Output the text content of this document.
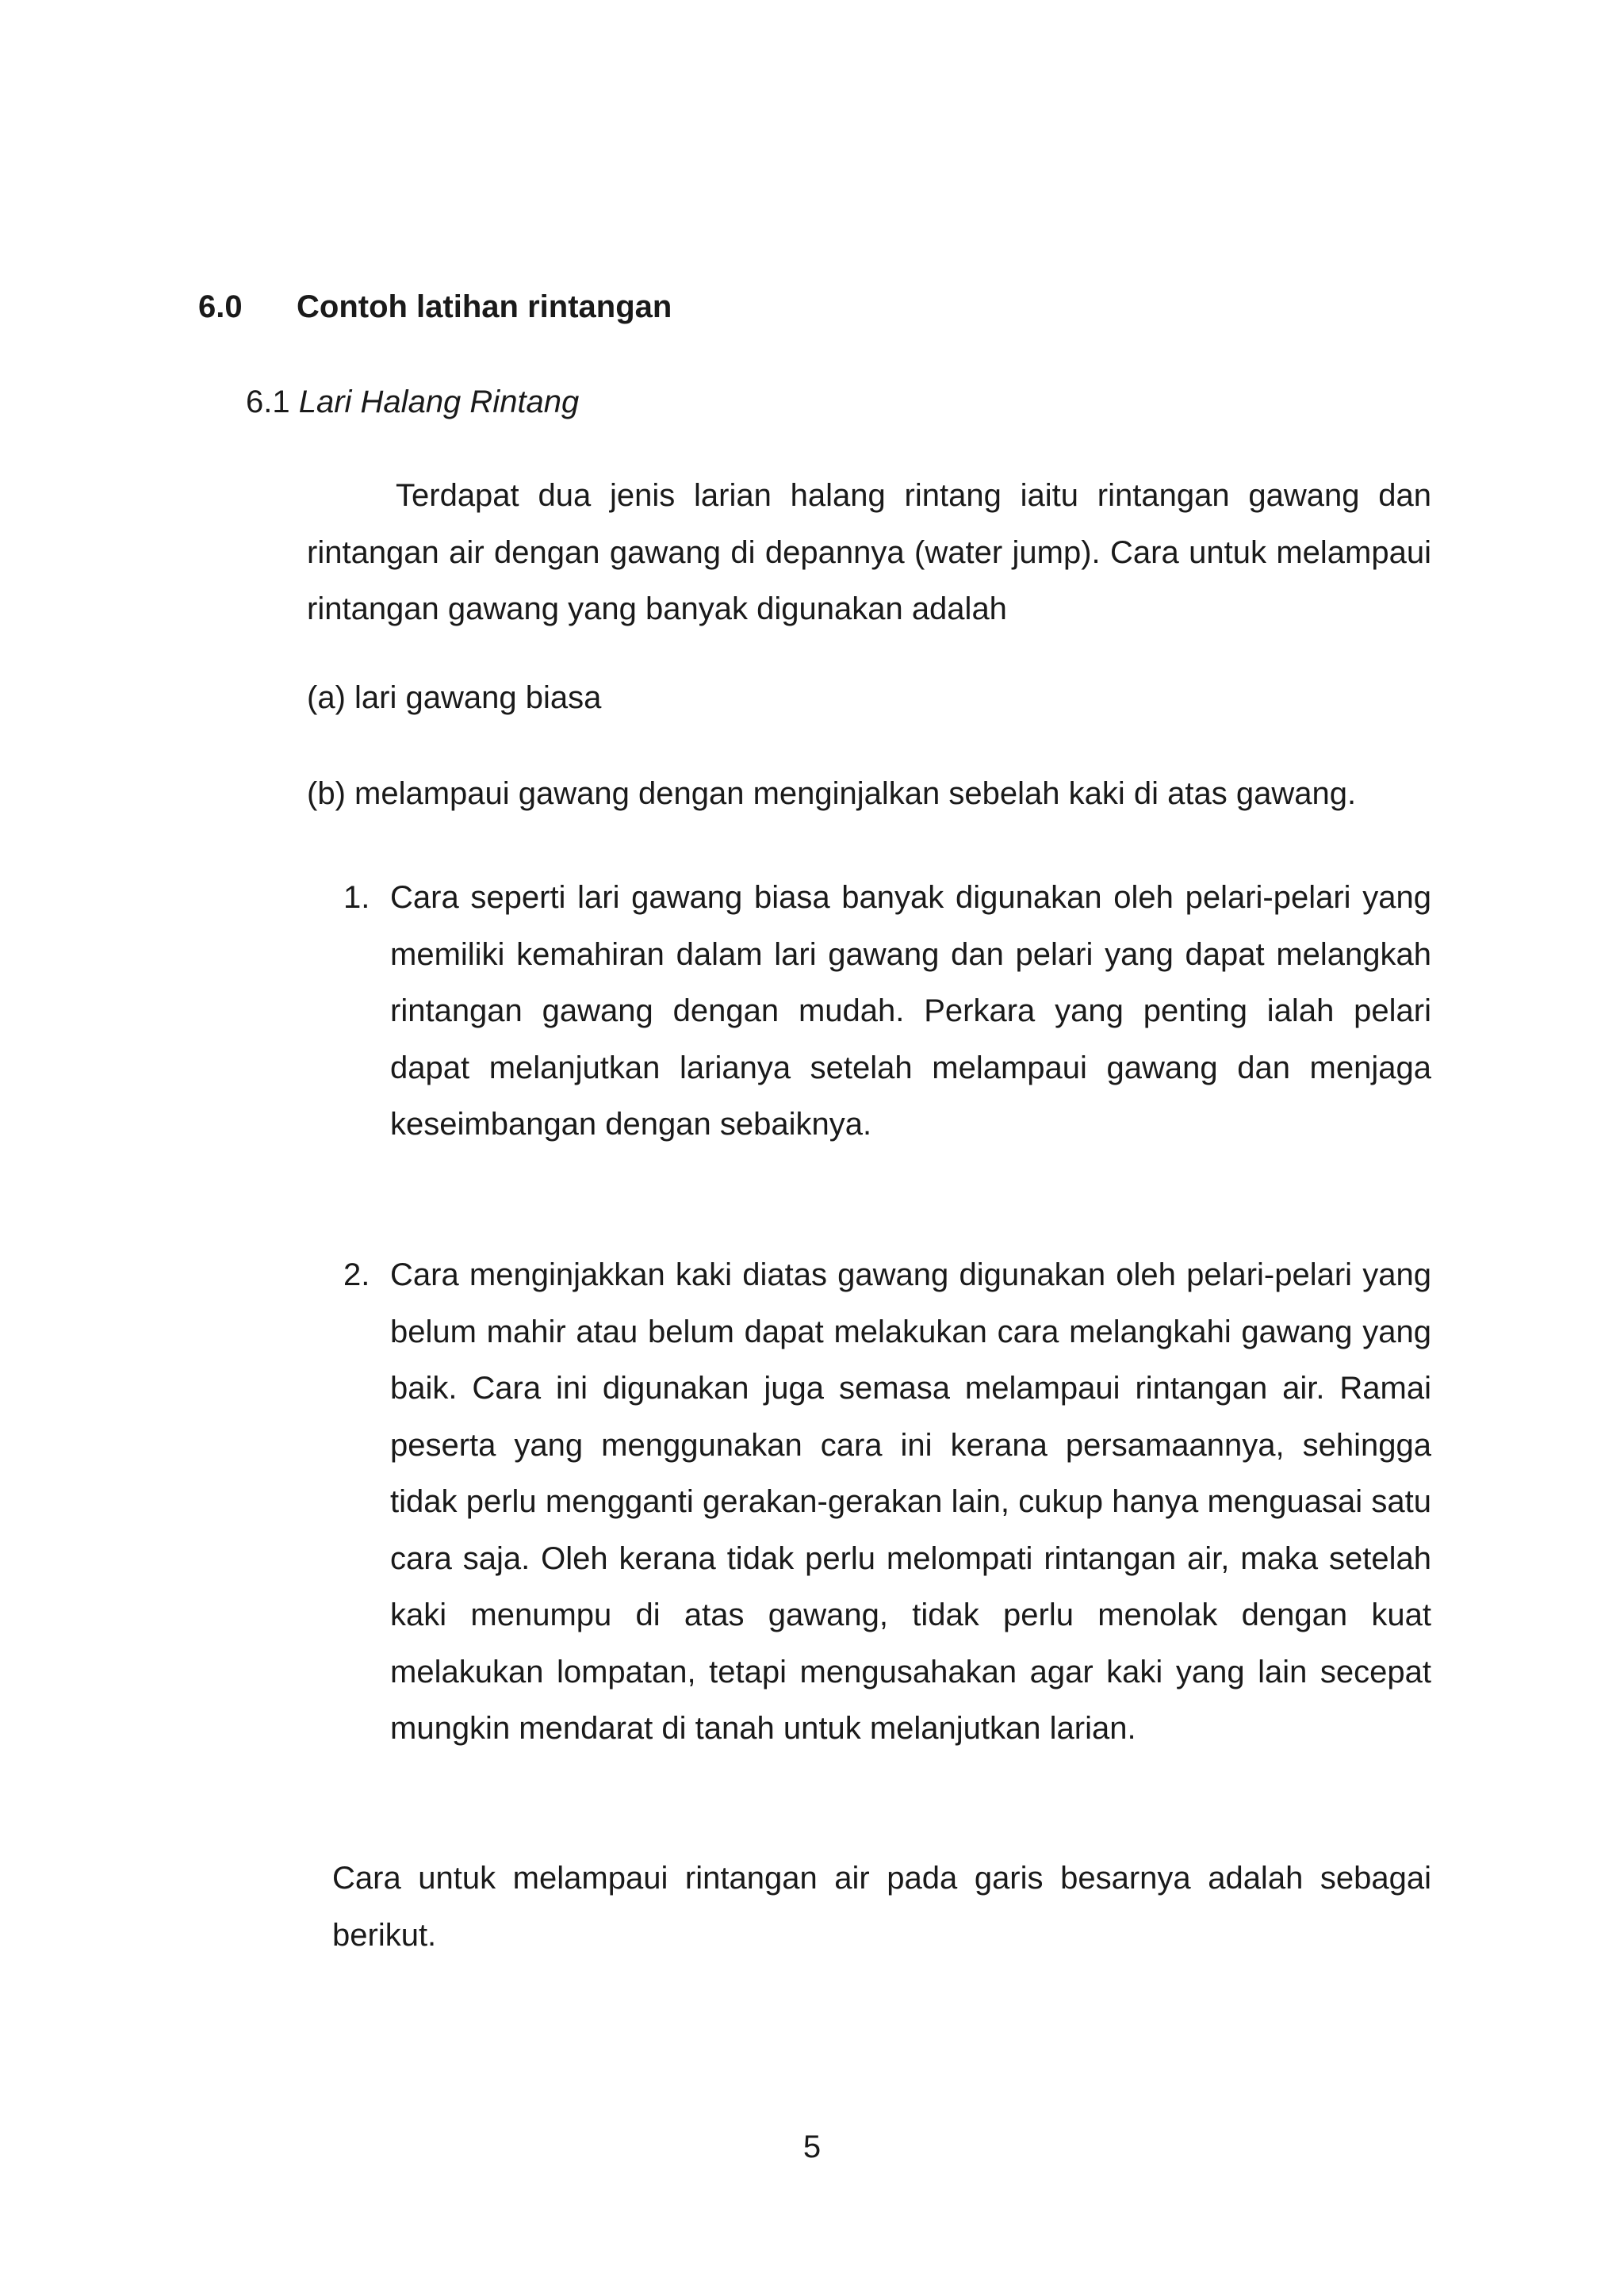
6.0 Contoh latihan rintangan
6.1 Lari Halang Rintang
Terdapat dua jenis larian halang rintang iaitu rintangan gawang dan rintangan air dengan gawang di depannya (water jump). Cara untuk melampaui rintangan gawang yang banyak digunakan adalah
(a) lari gawang biasa
(b) melampaui gawang dengan menginjalkan sebelah kaki di atas gawang.
1. Cara seperti lari gawang biasa banyak digunakan oleh pelari-pelari yang memiliki kemahiran dalam lari gawang dan pelari yang dapat melangkah rintangan gawang dengan mudah. Perkara yang penting ialah pelari dapat melanjutkan larianya setelah melampaui gawang dan menjaga keseimbangan dengan sebaiknya.
2. Cara menginjakkan kaki diatas gawang digunakan oleh pelari-pelari yang belum mahir atau belum dapat melakukan cara melangkahi gawang yang baik. Cara ini digunakan juga semasa melampaui rintangan air. Ramai peserta yang menggunakan cara ini kerana persamaannya, sehingga tidak perlu mengganti gerakan-gerakan lain, cukup hanya menguasai satu cara saja. Oleh kerana tidak perlu melompati rintangan air, maka setelah kaki menumpu di atas gawang, tidak perlu menolak dengan kuat melakukan lompatan, tetapi mengusahakan agar kaki yang lain secepat mungkin mendarat di tanah untuk melanjutkan larian.
Cara untuk melampaui rintangan air pada garis besarnya adalah sebagai berikut.
5
